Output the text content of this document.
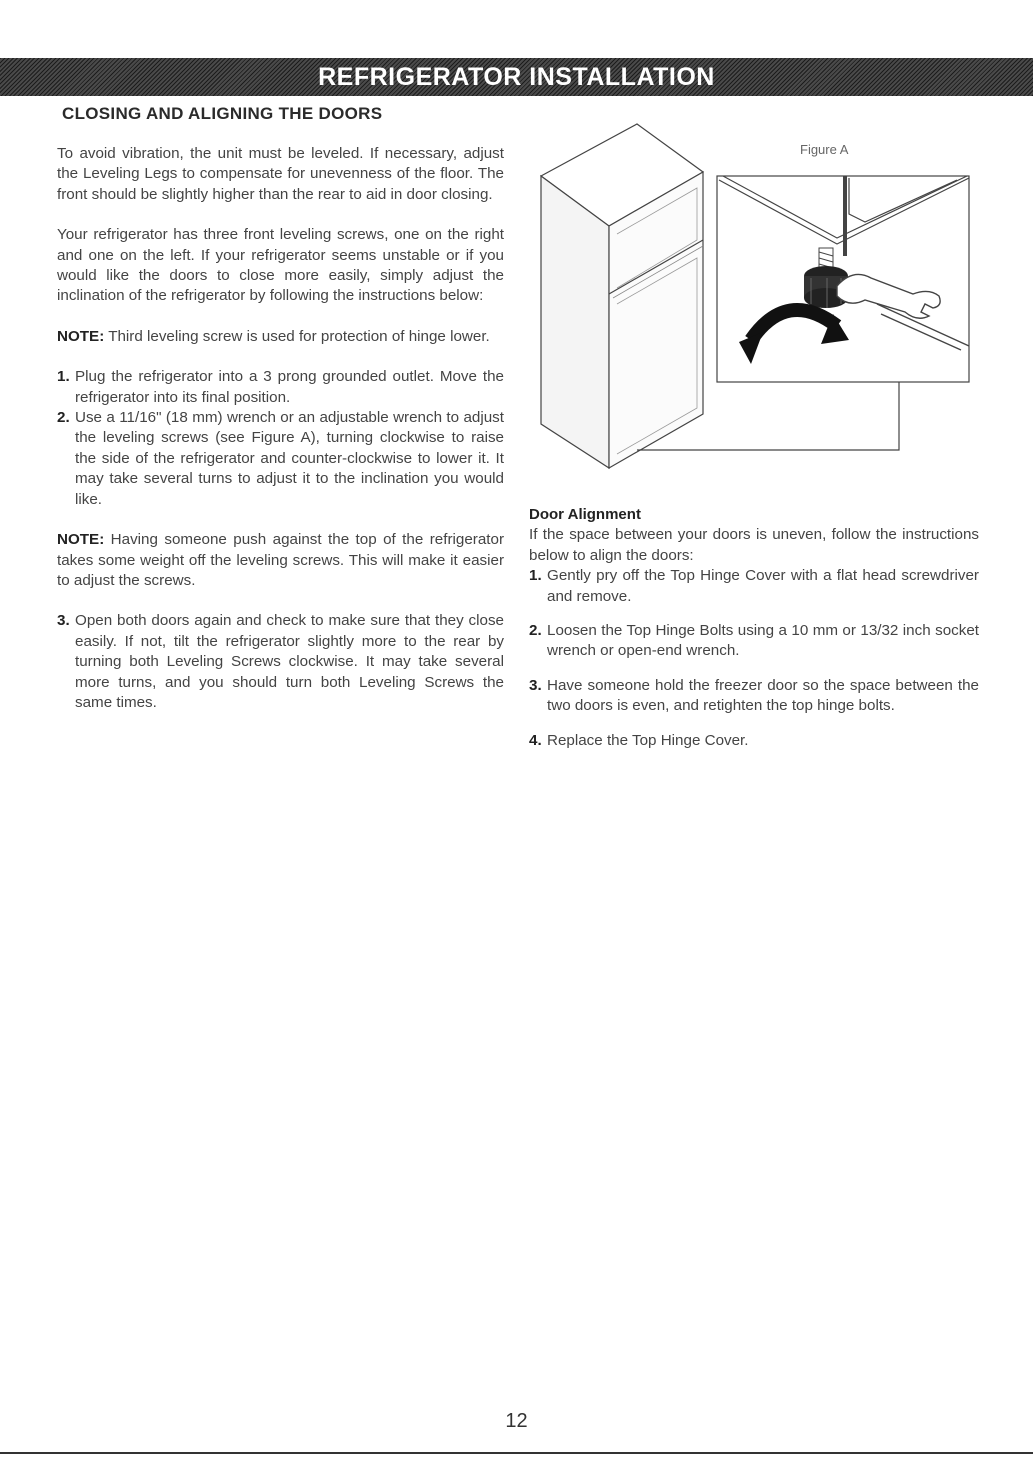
REFRIGERATOR INSTALLATION
CLOSING AND ALIGNING THE DOORS

To avoid vibration, the unit must be leveled. If necessary, adjust the Leveling Legs to compensate for unevenness of the floor. The front should be slightly higher than the rear to aid in door closing.

Your refrigerator has three front leveling screws, one on the right and one on the left. If your refrigerator seems unstable or if you would like the doors to close more easily, simply adjust the inclination of the refrigerator by following the instructions below:

NOTE: Third leveling screw is used for protection of hinge lower.

1. Plug the refrigerator into a 3 prong grounded outlet. Move the refrigerator into its final position.

2. Use a 11/16" (18 mm) wrench or an adjustable wrench to adjust the leveling screws (see Figure A), turning clockwise to raise the side of the refrigerator and counter-clockwise to lower it. It may take several turns to adjust it to the inclination you would like.

NOTE: Having someone push against the top of the refrigerator takes some weight off the leveling screws. This will make it easier to adjust the screws.

3. Open both doors again and check to make sure that they close easily. If not, tilt the refrigerator slightly more to the rear by turning both Leveling Screws clockwise. It may take several more turns, and you should turn both Leveling Screws the same times.

Figure A

Door Alignment

If the space between your doors is uneven, follow the instructions below to align the doors:

1. Gently pry off the Top Hinge Cover with a flat head screwdriver and remove.

2. Loosen the Top Hinge Bolts using a 10 mm or 13/32 inch socket wrench or open-end wrench.

3. Have someone hold the freezer door so the space between the two doors is even, and retighten the top hinge bolts.

4. Replace the Top Hinge Cover.

12
